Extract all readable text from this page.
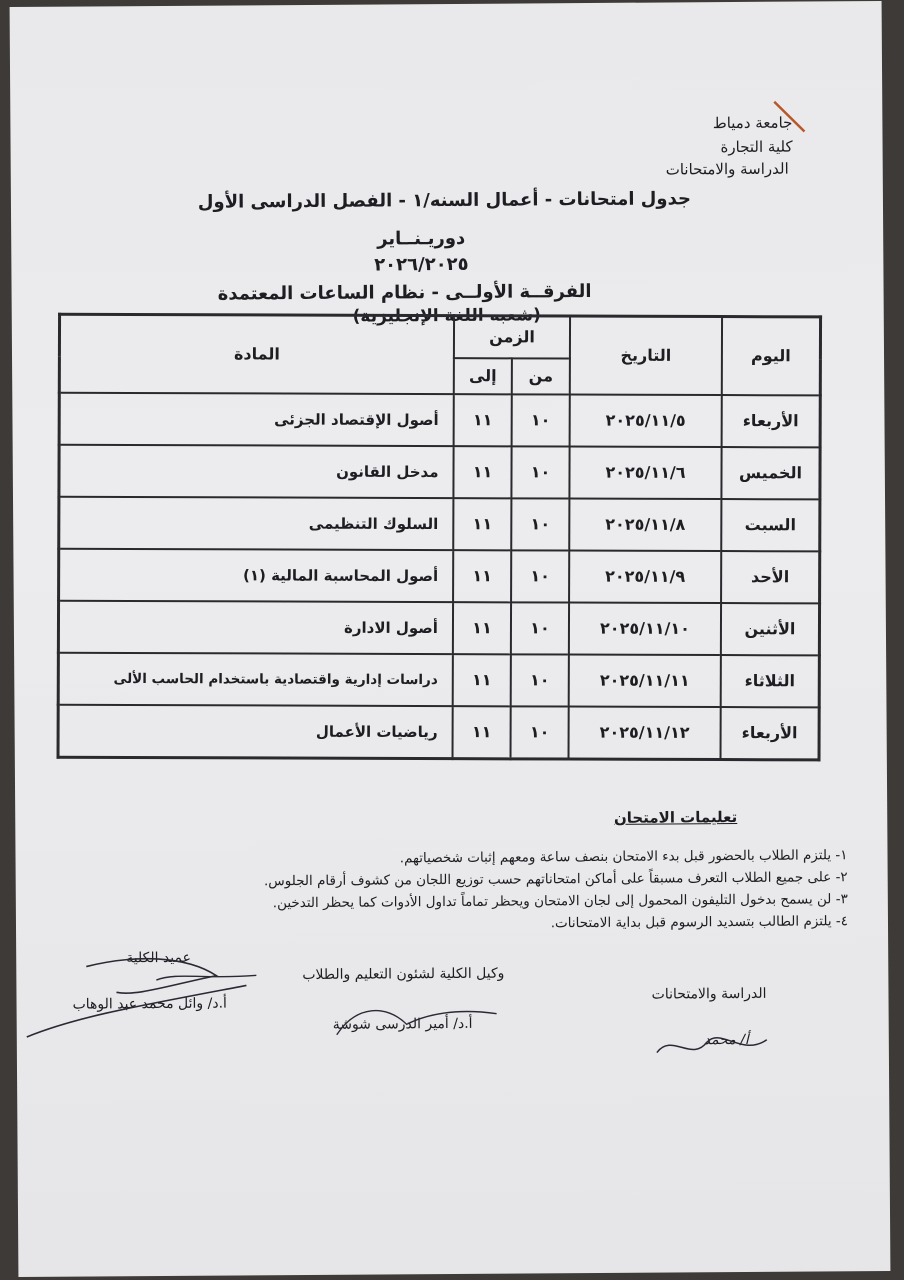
جامعة دمياط
كلية التجارة
الدراسة والامتحانات
جدول امتحانات - أعمال السنه/١ - الفصل الدراسى الأول
دوريـنــاير
٢٠٢٦/٢٠٢٥
الفرقــة الأولــى - نظام الساعات المعتمدة
(شعبه اللغة الإنجليزية)
اليوم	التاريخ	الزمن		المادة
		من	إلى	
الأربعاء	٢٠٢٥/١١/٥	١٠	١١	أصول الإقتصاد الجزئى
الخميس	٢٠٢٥/١١/٦	١٠	١١	مدخل القانون
السبت	٢٠٢٥/١١/٨	١٠	١١	السلوك التنظيمى
الأحد	٢٠٢٥/١١/٩	١٠	١١	أصول المحاسبة المالية (١)
الأثنين	٢٠٢٥/١١/١٠	١٠	١١	أصول الادارة
الثلاثاء	٢٠٢٥/١١/١١	١٠	١١	دراسات إدارية واقتصادية باستخدام الحاسب الألى
الأربعاء	٢٠٢٥/١١/١٢	١٠	١١	رياضيات الأعمال
تعليمات الامتحان
١- يلتزم الطلاب بالحضور قبل بدء الامتحان بنصف ساعة ومعهم إثبات شخصياتهم.
٢- على جميع الطلاب التعرف مسبقاً على أماكن امتحاناتهم حسب توزيع اللجان من كشوف أرقام الجلوس.
٣- لن يسمح بدخول التليفون المحمول إلى لجان الامتحان ويحظر تماماً تداول الأدوات كما يحظر التدخين.
٤- يلتزم الطالب بتسديد الرسوم قبل بداية الامتحانات.
الدراسة والامتحانات
أ/ محمد
وكيل الكلية لشئون التعليم والطلاب
أ.د/ أمير الدرسى شوشة
عميد الكلية
أ.د/ وائل محمد عبد الوهاب
